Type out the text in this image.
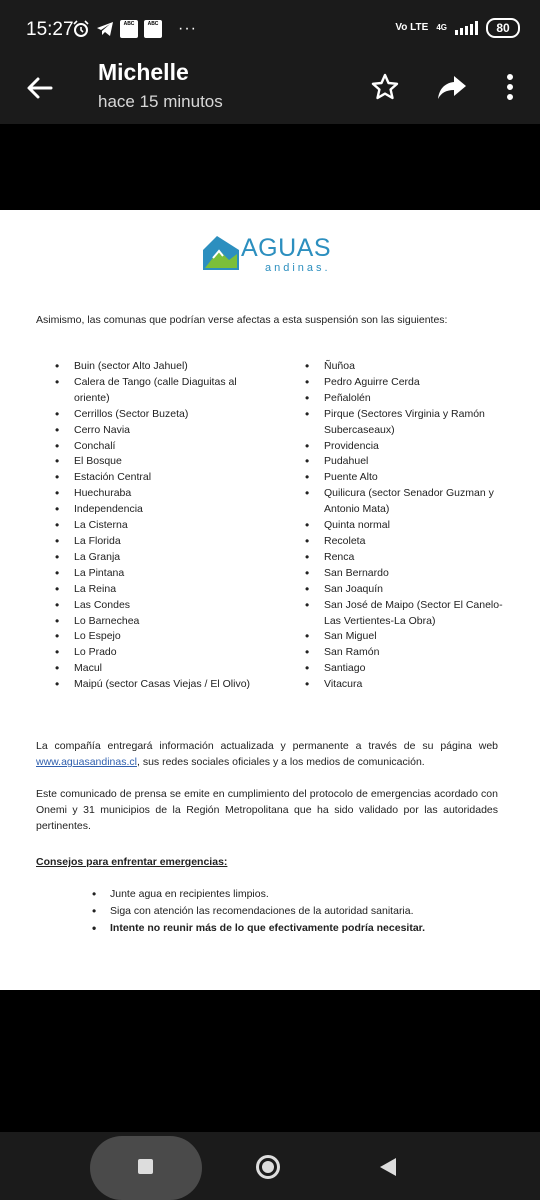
15:27	ABC	ABC ···	Vo LTE 4G	80
Michelle
hace 15 minutos
AGUAS
andinas.

Asimismo, las comunas que podrían verse afectas a esta suspensión son las siguientes:

• Buin (sector Alto Jahuel)
• Calera de Tango (calle Diaguitas al oriente)
• Cerrillos (Sector Buzeta)
• Cerro Navia
• Conchalí
• El Bosque
• Estación Central
• Huechuraba
• Independencia
• La Cisterna
• La Florida
• La Granja
• La Pintana
• La Reina
• Las Condes
• Lo Barnechea
• Lo Espejo
• Lo Prado
• Macul
• Maipú (sector Casas Viejas / El Olivo)
• Ñuñoa
• Pedro Aguirre Cerda
• Peñalolén
• Pirque (Sectores Virginia y Ramón Subercaseaux)
• Providencia
• Pudahuel
• Puente Alto
• Quilicura (sector Senador Guzman y Antonio Mata)
• Quinta normal
• Recoleta
• Renca
• San Bernardo
• San Joaquín
• San José de Maipo (Sector El Canelo-Las Vertientes-La Obra)
• San Miguel
• San Ramón
• Santiago
• Vitacura

La compañía entregará información actualizada y permanente a través de su página web www.aguasandinas.cl, sus redes sociales oficiales y a los medios de comunicación.

Este comunicado de prensa se emite en cumplimiento del protocolo de emergencias acordado con Onemi y 31 municipios de la Región Metropolitana que ha sido validado por las autoridades pertinentes.

Consejos para enfrentar emergencias:

• Junte agua en recipientes limpios.
• Siga con atención las recomendaciones de la autoridad sanitaria.
• Intente no reunir más de lo que efectivamente podría necesitar.
